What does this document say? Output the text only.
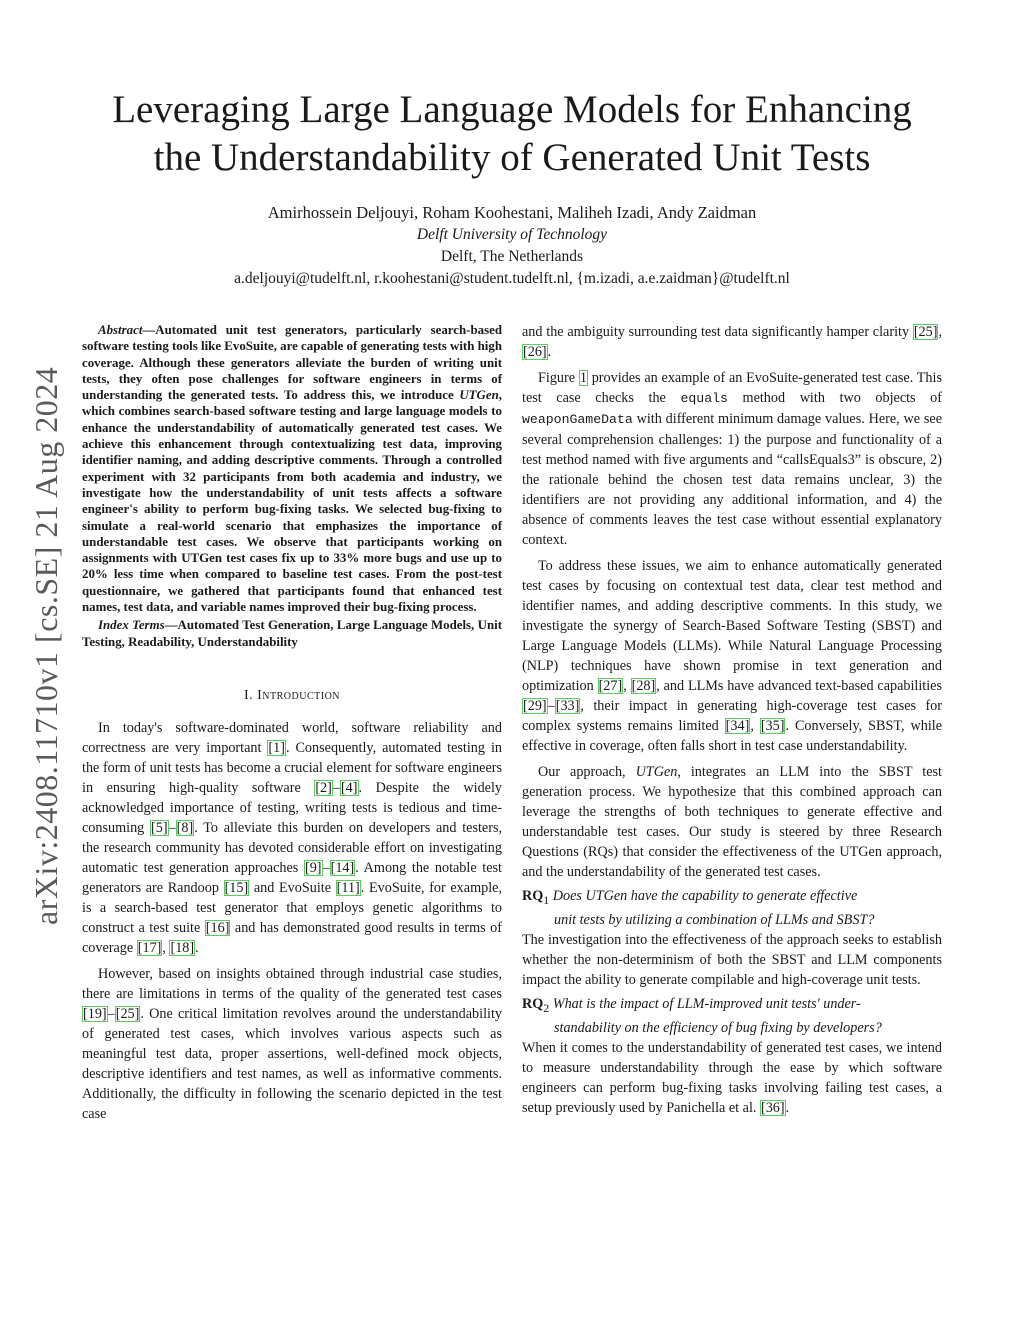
Leveraging Large Language Models for Enhancing
the Understandability of Generated Unit Tests
Amirhossein Deljouyi, Roham Koohestani, Maliheh Izadi, Andy Zaidman
Delft University of Technology
Delft, The Netherlands
a.deljouyi@tudelft.nl, r.koohestani@student.tudelft.nl, {m.izadi, a.e.zaidman}@tudelft.nl
arXiv:2408.11710v1 [cs.SE] 21 Aug 2024

Abstract—Automated unit test generators, particularly search-based software testing tools like EvoSuite, are capable of generating tests with high coverage. Although these generators alleviate the burden of writing unit tests, they often pose challenges for software engineers in terms of understanding the generated tests. To address this, we introduce UTGen, which combines search-based software testing and large language models to enhance the understandability of automatically generated test cases. We achieve this enhancement through contextualizing test data, improving identifier naming, and adding descriptive comments. Through a controlled experiment with 32 participants from both academia and industry, we investigate how the understandability of unit tests affects a software engineer's ability to perform bug-fixing tasks. We selected bug-fixing to simulate a real-world scenario that emphasizes the importance of understandable test cases. We observe that participants working on assignments with UTGen test cases fix up to 33% more bugs and use up to 20% less time when compared to baseline test cases. From the post-test questionnaire, we gathered that participants found that enhanced test names, test data, and variable names improved their bug-fixing process.

Index Terms—Automated Test Generation, Large Language Models, Unit Testing, Readability, Understandability

I. Introduction

In today's software-dominated world, software reliability and correctness are very important [1]. Consequently, automated testing in the form of unit tests has become a crucial element for software engineers in ensuring high-quality software [2]–[4]. Despite the widely acknowledged importance of testing, writing tests is tedious and time-consuming [5]–[8]. To alleviate this burden on developers and testers, the research community has devoted considerable effort on investigating automatic test generation approaches [9]–[14]. Among the notable test generators are Randoop [15] and EvoSuite [11]. EvoSuite, for example, is a search-based test generator that employs genetic algorithms to construct a test suite [16] and has demonstrated good results in terms of coverage [17], [18].

However, based on insights obtained through industrial case studies, there are limitations in terms of the quality of the generated test cases [19]–[25]. One critical limitation revolves around the understandability of generated test cases, which involves various aspects such as meaningful test data, proper assertions, well-defined mock objects, descriptive identifiers and test names, as well as informative comments. Additionally, the difficulty in following the scenario depicted in the test case

and the ambiguity surrounding test data significantly hamper clarity [25], [26].

Figure 1 provides an example of an EvoSuite-generated test case. This test case checks the equals method with two objects of weaponGameData with different minimum damage values. Here, we see several comprehension challenges: 1) the purpose and functionality of a test method named with five arguments and “callsEquals3” is obscure, 2) the rationale behind the chosen test data remains unclear, 3) the identifiers are not providing any additional information, and 4) the absence of comments leaves the test case without essential explanatory context.

To address these issues, we aim to enhance automatically generated test cases by focusing on contextual test data, clear test method and identifier names, and adding descriptive comments. In this study, we investigate the synergy of Search-Based Software Testing (SBST) and Large Language Models (LLMs). While Natural Language Processing (NLP) techniques have shown promise in text generation and optimization [27], [28], and LLMs have advanced text-based capabilities [29]–[33], their impact in generating high-coverage test cases for complex systems remains limited [34], [35]. Conversely, SBST, while effective in coverage, often falls short in test case understandability.

Our approach, UTGen, integrates an LLM into the SBST test generation process. We hypothesize that this combined approach can leverage the strengths of both techniques to generate effective and understandable test cases. Our study is steered by three Research Questions (RQs) that consider the effectiveness of the UTGen approach, and the understandability of the generated test cases.

$RQ_1$ Does UTGen have the capability to generate effective
unit tests by utilizing a combination of LLMs and SBST?

The investigation into the effectiveness of the approach seeks to establish whether the non-determinism of both the SBST and LLM components impact the ability to generate compilable and high-coverage unit tests.

$RQ_2$ What is the impact of LLM-improved unit tests' under-
standability on the efficiency of bug fixing by developers?

When it comes to the understandability of generated test cases, we intend to measure understandability through the ease by which software engineers can perform bug-fixing tasks involving failing test cases, a setup previously used by Panichella et al. [36].
